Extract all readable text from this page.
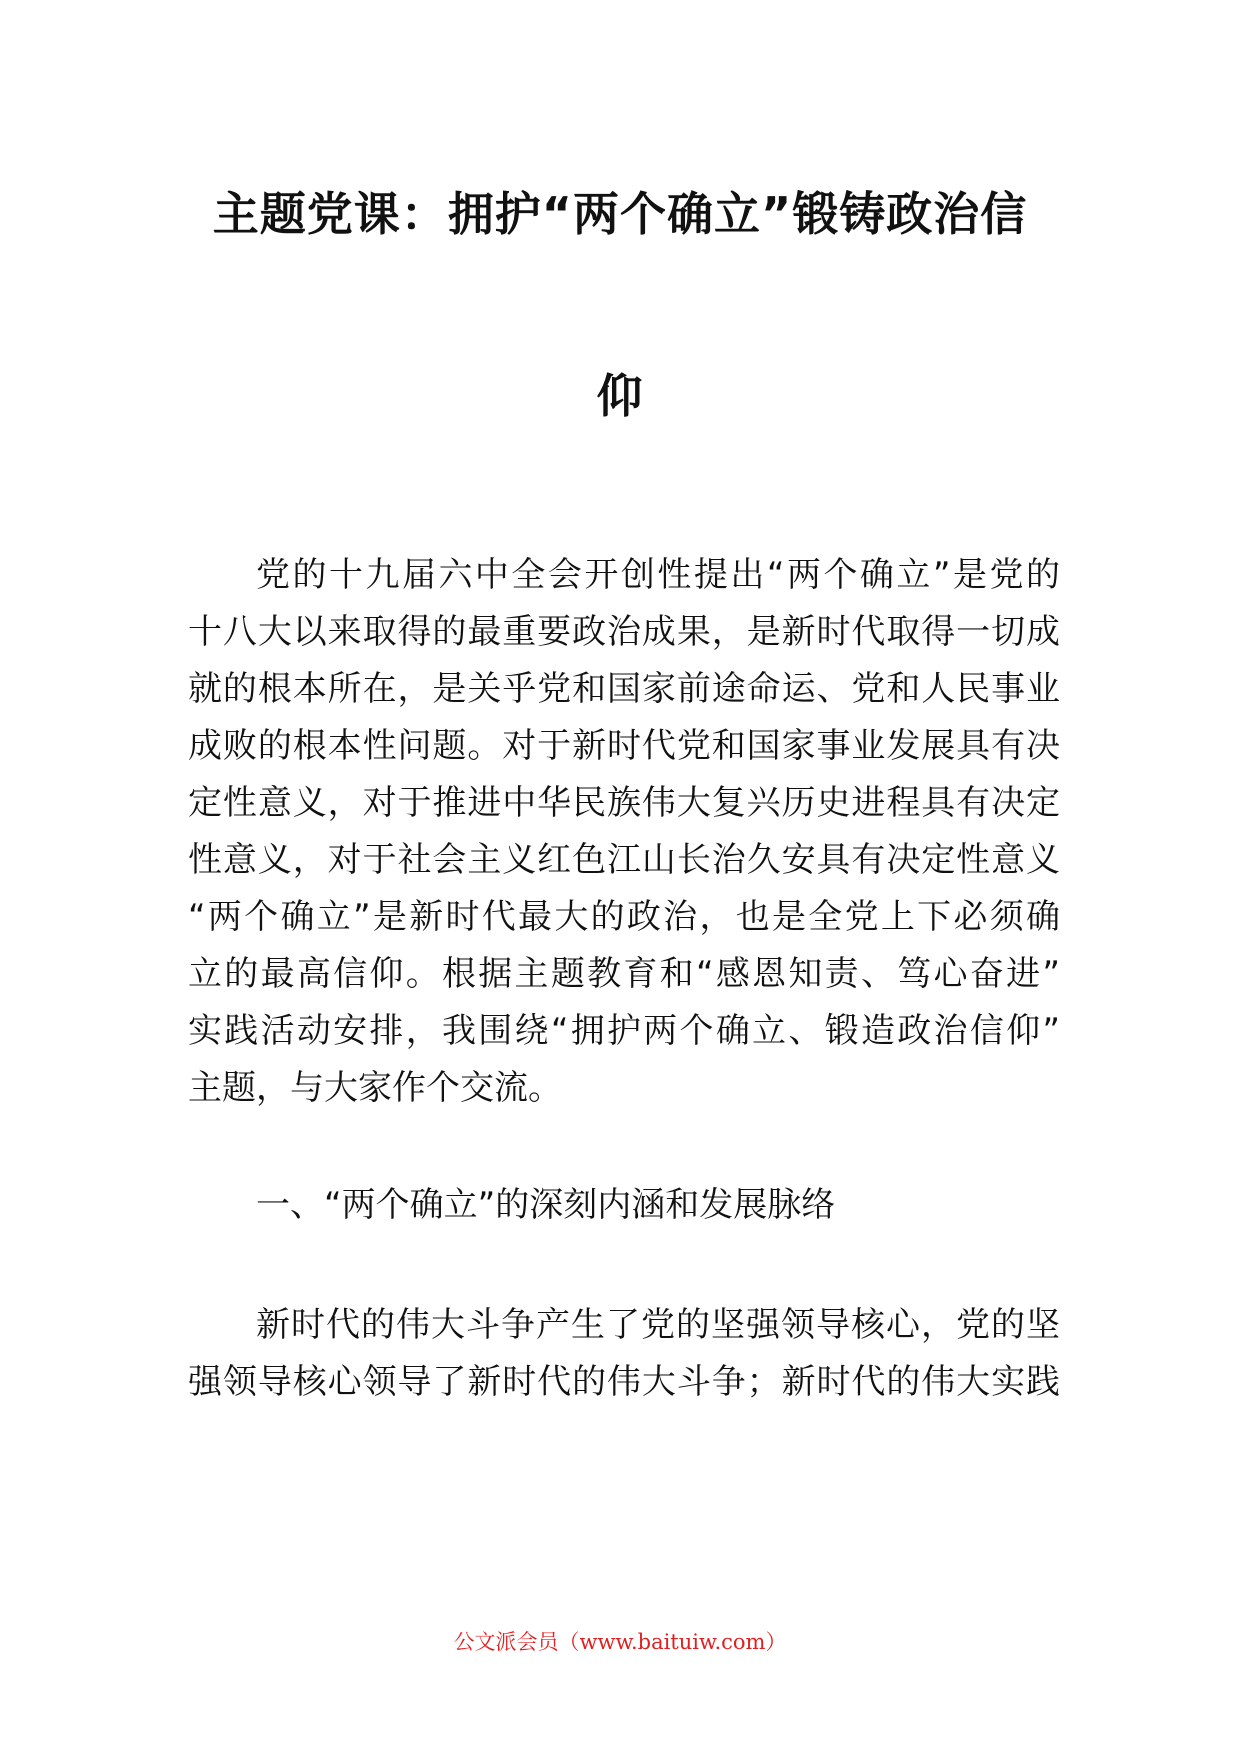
主题党课：拥护“两个确立”锻铸政治信
仰
党的十九届六中全会开创性提出“两个确立”是党的
十八大以来取得的最重要政治成果，是新时代取得一切成
就的根本所在，是关乎党和国家前途命运、党和人民事业
成败的根本性问题。对于新时代党和国家事业发展具有决
定性意义，对于推进中华民族伟大复兴历史进程具有决定
性意义，对于社会主义红色江山长治久安具有决定性意义
“两个确立”是新时代最大的政治，也是全党上下必须确
立的最高信仰。根据主题教育和“感恩知责、笃心奋进”
实践活动安排，我围绕“拥护两个确立、锻造政治信仰”
主题，与大家作个交流。
一、“两个确立”的深刻内涵和发展脉络
新时代的伟大斗争产生了党的坚强领导核心，党的坚
强领导核心领导了新时代的伟大斗争；新时代的伟大实践
公文派会员（www.baituiw.com）
